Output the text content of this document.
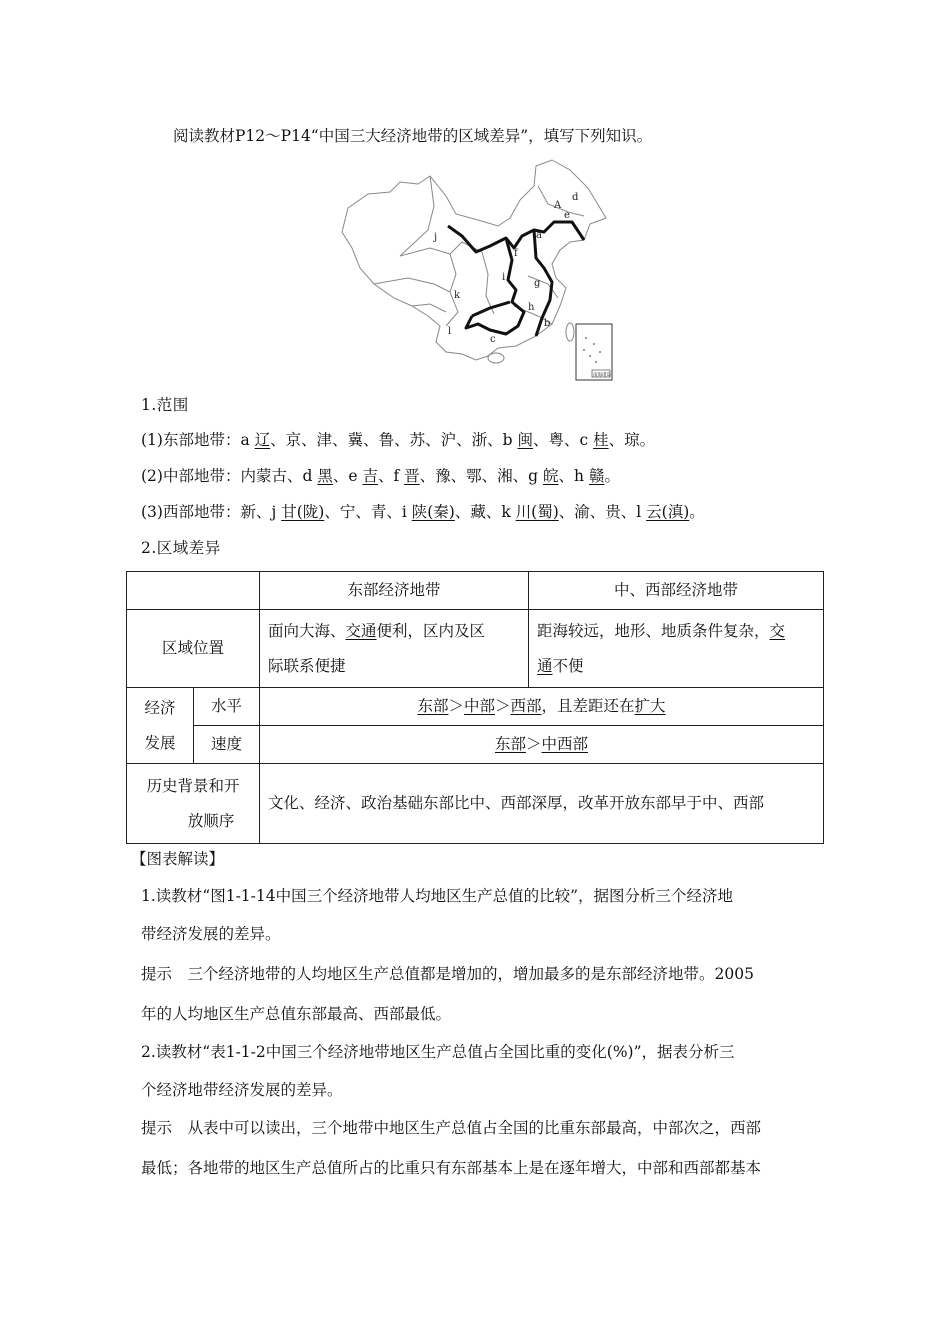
阅读教材P12～P14“中国三大经济地带的区域差异”，填写下列知识。
d
A
e
a
j
f
i
g
k
h
b
l
c
南海诸岛
1.范围
(1)东部地带：a 辽、京、津、冀、鲁、苏、沪、浙、b 闽、粤、c 桂、琼。
(2)中部地带：内蒙古、d 黑、e 吉、f 晋、豫、鄂、湘、g 皖、h 赣。
(3)西部地带：新、j 甘(陇)、宁、青、i 陕(秦)、藏、k 川(蜀)、渝、贵、l 云(滇)。
2.区域差异
		东部经济地带	中、西部经济地带
区域位置		面向大海、交通便利，区内及区
际联系便捷	距海较远，地形、地质条件复杂，交
通不便
经济
发展	水平	东部＞中部＞西部，且差距还在扩大	
	速度	东部＞中西部	
历史背景和开
放顺序		文化、经济、政治基础东部比中、西部深厚，改革开放东部早于中、西部	
【图表解读】
1.读教材“图1-1-14中国三个经济地带人均地区生产总值的比较”，据图分析三个经济地
带经济发展的差异。
提示　三个经济地带的人均地区生产总值都是增加的，增加最多的是东部经济地带。2005
年的人均地区生产总值东部最高、西部最低。
2.读教材“表1-1-2中国三个经济地带地区生产总值占全国比重的变化(%)”，据表分析三
个经济地带经济发展的差异。
提示　从表中可以读出，三个地带中地区生产总值占全国的比重东部最高，中部次之，西部
最低；各地带的地区生产总值所占的比重只有东部基本上是在逐年增大，中部和西部都基本
